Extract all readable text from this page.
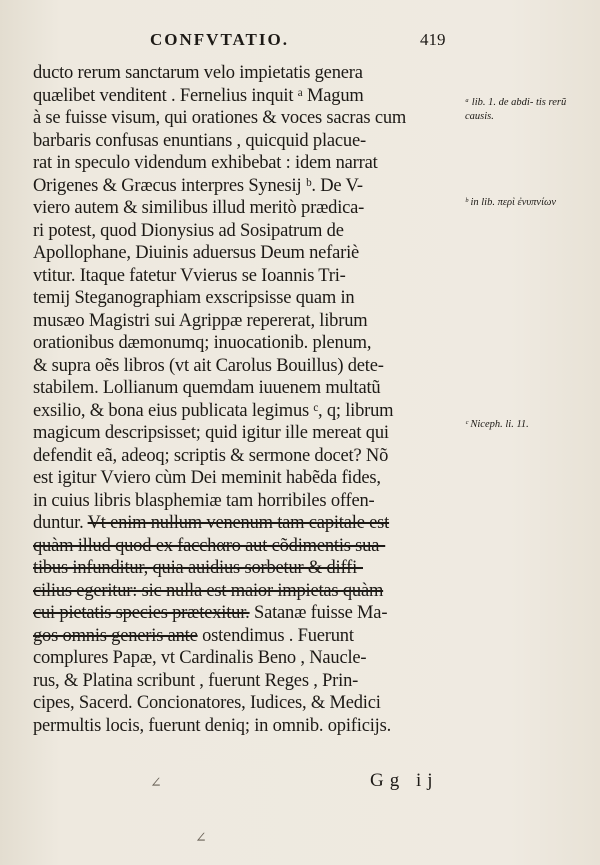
CONFVTATIO.	419
ducto rerum sanctarum velo impietatis genera
quælibet venditent . Fernelius inquit ᵃ Magum
à se fuisse visum, qui orationes & voces sacras cum
barbaris confusas enuntians , quicquid placue-
rat in speculo videndum exhibebat : idem narrat
Origenes & Græcus interpres Synesij ᵇ. De V-
viero autem & similibus illud meritò prædica-
ri potest, quod Dionysius ad Sosipatrum de
Apollophane, Diuinis aduersus Deum nefariè
vtitur. Itaque fatetur Vvierus se Ioannis Tri-
temij Steganographiam exscripsisse quam in
musæo Magistri sui Agrippæ repererat, librum
orationibus dæmonumq; inuocationib. plenum,
& supra oẽs libros (vt ait Carolus Bouillus) dete-
stabilem. Lollianum quemdam iuuenem multatũ
exsilio, & bona eius publicata legimus ᶜ, q; librum
magicum descripsisset; quid igitur ille mereat qui
defendit eã, adeoq; scriptis & sermone docet? Nõ
est igitur Vviero cùm Dei meminit habẽda fides,
in cuius libris blasphemiæ tam horribiles offen-
duntur. Vt enim nullum venenum tam capitale est
quàm illud quod ex facchαro aut cõdimentis sua-
tibus infunditur, quia auidius sorbetur & diffi-
cilius egeritur: sic nulla est maior impietas quàm
cui pietatis species prætexitur. Satanæ fuisse Ma-
gos omnis generis ante ostendimus . Fuerunt
complures Papæ, vt Cardinalis Beno , Naucle-
rus, & Platina scribunt , fuerunt Reges , Prin-
cipes, Sacerd. Concionatores, Iudices, & Medici
permultis locis, fuerunt deniq; in omnib. opificijs.
ᵃ lib. 1. de abdi- tis rerũ causis.
ᵇ in lib. περὶ ἐνυπνίων
ᶜ Niceph. li. 11.
Gg ij
∠
∠
